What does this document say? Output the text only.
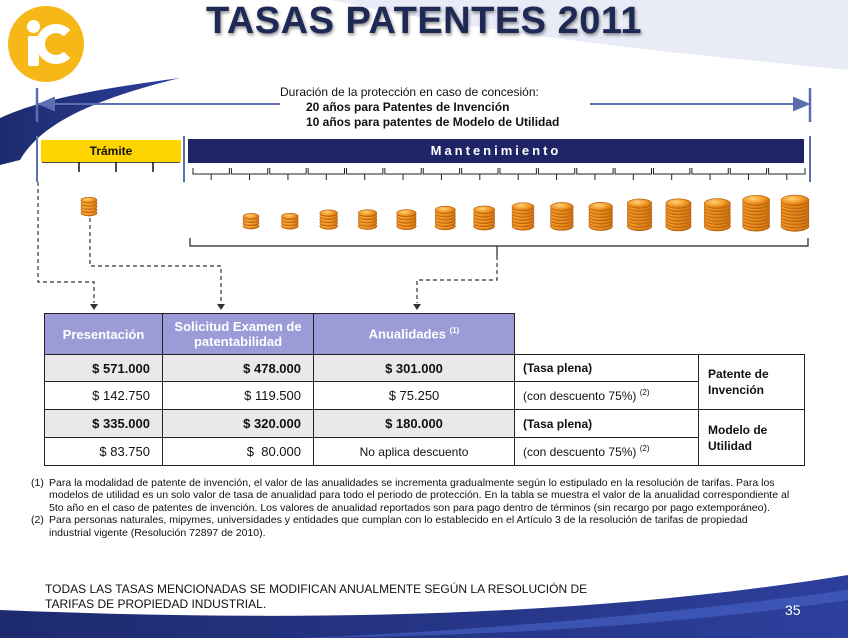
TASAS PATENTES 2011
Duración de la protección en caso de concesión:
20 años para Patentes de Invención
10 años para patentes de Modelo de Utilidad
Trámite	Mantenimiento
Presentación	Solicitud Examen de patentabilidad	Anualidades $^{(1)}$	
$ 571.000	$ 478.000	$ 301.000	(Tasa plena)	Patente de
Invención

$ 142.750	$ 119.500	$ 75.250	(con descuento 75%) $^{(2)}$
$ 335.000	$ 320.000	$ 180.000	(Tasa plena)	Modelo de
Utilidad

$ 83.750	$  80.000	No aplica descuento	(con descuento 75%) $^{(2)}$
(1) Para la modalidad de patente de invención, el valor de las anualidades se incrementa gradualmente según lo estipulado en la resolución de tarifas. Para los modelos de utilidad es un solo valor de tasa de anualidad para todo el periodo de protección. En la tabla se muestra el valor de la anualidad correspondiente al 5to año en el caso de patentes de invención. Los valores de anualidad reportados son para pago dentro de términos (sin recargo por pago extemporáneo).
(2) Para personas naturales, mipymes, universidades y entidades que cumplan con lo establecido en el Artículo 3 de la resolución de tarifas de propiedad industrial vigente (Resolución 72897 de 2010).
TODAS LAS TASAS MENCIONADAS SE MODIFICAN ANUALMENTE SEGÚN LA RESOLUCIÓN DE
TARIFAS DE PROPIEDAD INDUSTRIAL.	35
